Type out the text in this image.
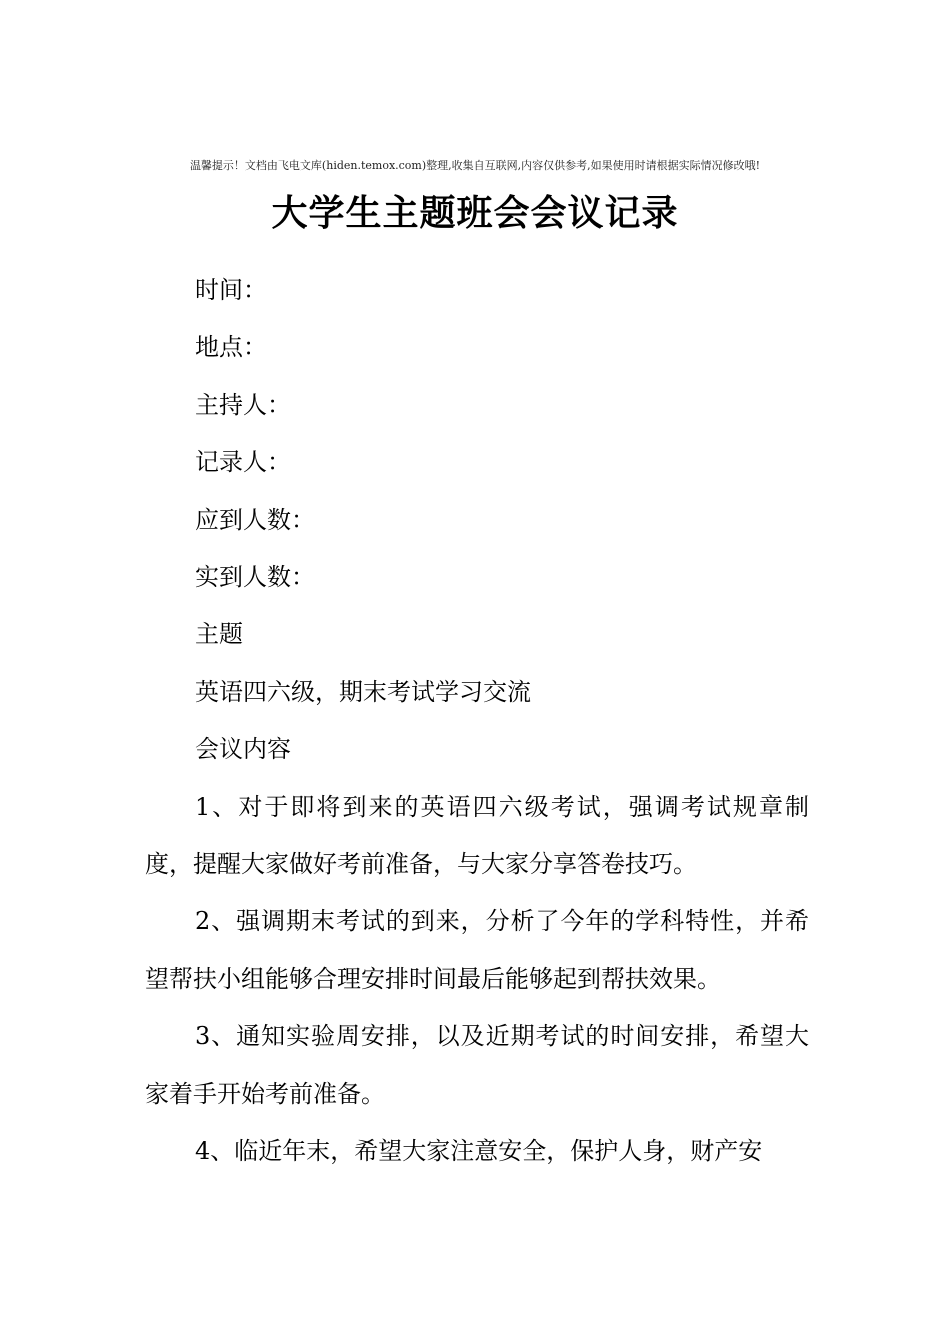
温馨提示！文档由飞电文库(hiden.temox.com)整理,收集自互联网,内容仅供参考,如果使用时请根据实际情况修改哦!
大学生主题班会会议记录

时间：

地点：

主持人：

记录人：

应到人数：

实到人数：

主题

英语四六级，期末考试学习交流

会议内容

1、对于即将到来的英语四六级考试，强调考试规章制度，提醒大家做好考前准备，与大家分享答卷技巧。

2、强调期末考试的到来，分析了今年的学科特性，并希望帮扶小组能够合理安排时间最后能够起到帮扶效果。

3、通知实验周安排，以及近期考试的时间安排，希望大家着手开始考前准备。

4、临近年末，希望大家注意安全，保护人身，财产安
